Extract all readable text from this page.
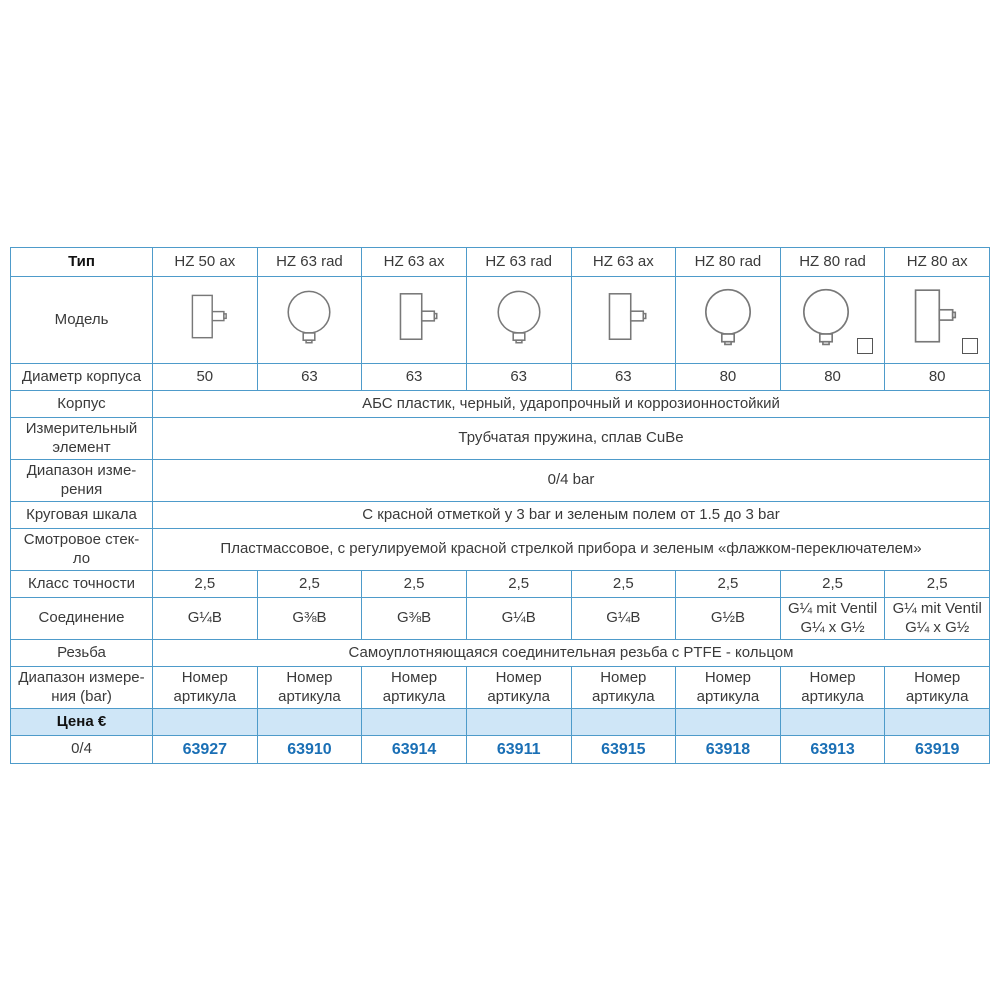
Тип	HZ 50 ax	HZ 63 rad	HZ 63 ax	HZ 63 rad	HZ 63 ax	HZ 80 rad	HZ 80 rad	HZ 80 ax
Модель	

Диаметр корпуса	50	63	63	63	63	80	80	80
Корпус	АБС пластик, черный, ударопрочный и коррозионностойкий							
Измерительный
элемент	Трубчатая пружина, сплав CuBe							
Диапазон изме-
рения	0/4 bar							
Круговая шкала	С красной отметкой у 3 bar и зеленым полем от 1.5 до 3 bar							
Смотровое стек-
ло	Пластмассовое, с регулируемой красной стрелкой прибора и зеленым «флажком-переключателем»							
Класс точности	2,5	2,5	2,5	2,5	2,5	2,5	2,5	2,5
Соединение	G¼B	G⅜B	G⅜B	G¼B	G¼B	G½B	G¼ mit Ventil
G¼ x G½	G¼ mit Ventil
G¼ x G½
Резьба	Самоуплотняющаяся соединительная резьба с PTFE - кольцом							
Диапазон измере-
ния (bar)	Номер
артикула	Номер
артикула	Номер
артикула	Номер
артикула	Номер
артикула	Номер
артикула	Номер
артикула	Номер
артикула
Цена €								
0/4	63927	63910	63914	63911	63915	63918	63913	63919
